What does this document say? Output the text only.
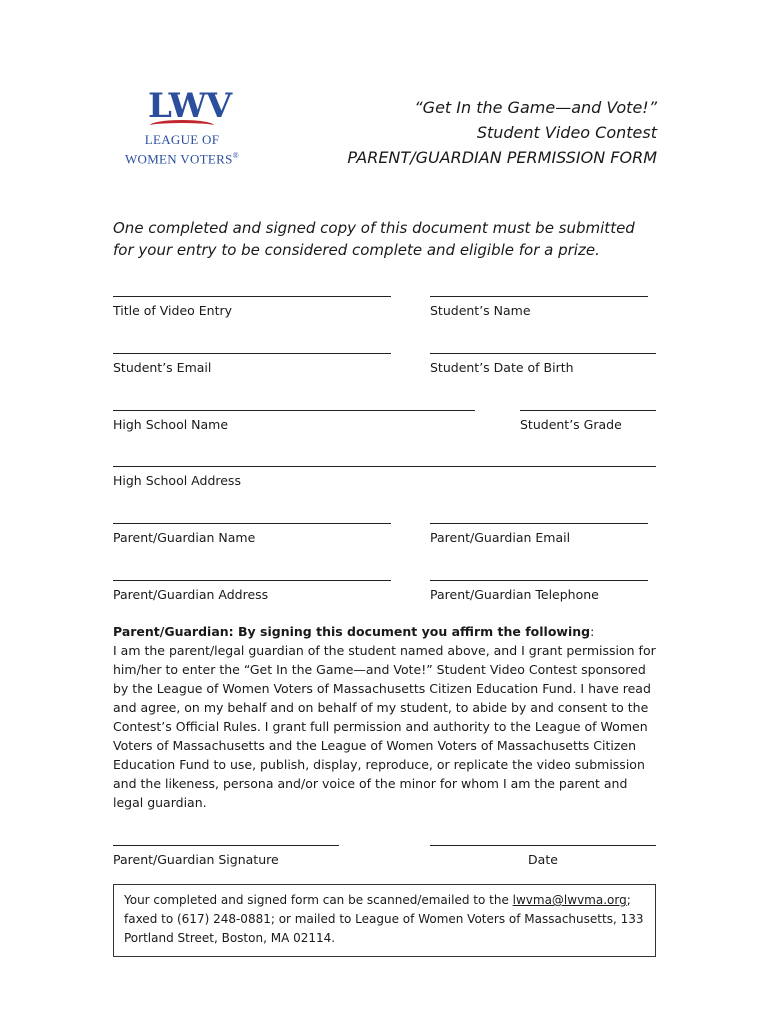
LWV
LEAGUE OF
WOMEN VOTERS®
“Get In the Game—and Vote!”
Student Video Contest
PARENT/GUARDIAN PERMISSION FORM
One completed and signed copy of this document must be submitted for your entry to be considered complete and eligible for a prize.
Title of Video Entry	Student’s Name
Student’s Email	Student’s Date of Birth
High School Name	Student’s Grade
High School Address
Parent/Guardian Name	Parent/Guardian Email
Parent/Guardian Address	Parent/Guardian Telephone
Parent/Guardian: By signing this document you affirm the following:
I am the parent/legal guardian of the student named above, and I grant permission for him/her to enter the “Get In the Game—and Vote!” Student Video Contest sponsored by the League of Women Voters of Massachusetts Citizen Education Fund. I have read and agree, on my behalf and on behalf of my student, to abide by and consent to the Contest’s Official Rules. I grant full permission and authority to the League of Women Voters of Massachusetts and the League of Women Voters of Massachusetts Citizen Education Fund to use, publish, display, reproduce, or replicate the video submission and the likeness, persona and/or voice of the minor for whom I am the parent and legal guardian.
Parent/Guardian Signature	Date
Your completed and signed form can be scanned/emailed to the lwvma@lwvma.org; faxed to (617) 248-0881; or mailed to League of Women Voters of Massachusetts, 133 Portland Street, Boston, MA 02114.
